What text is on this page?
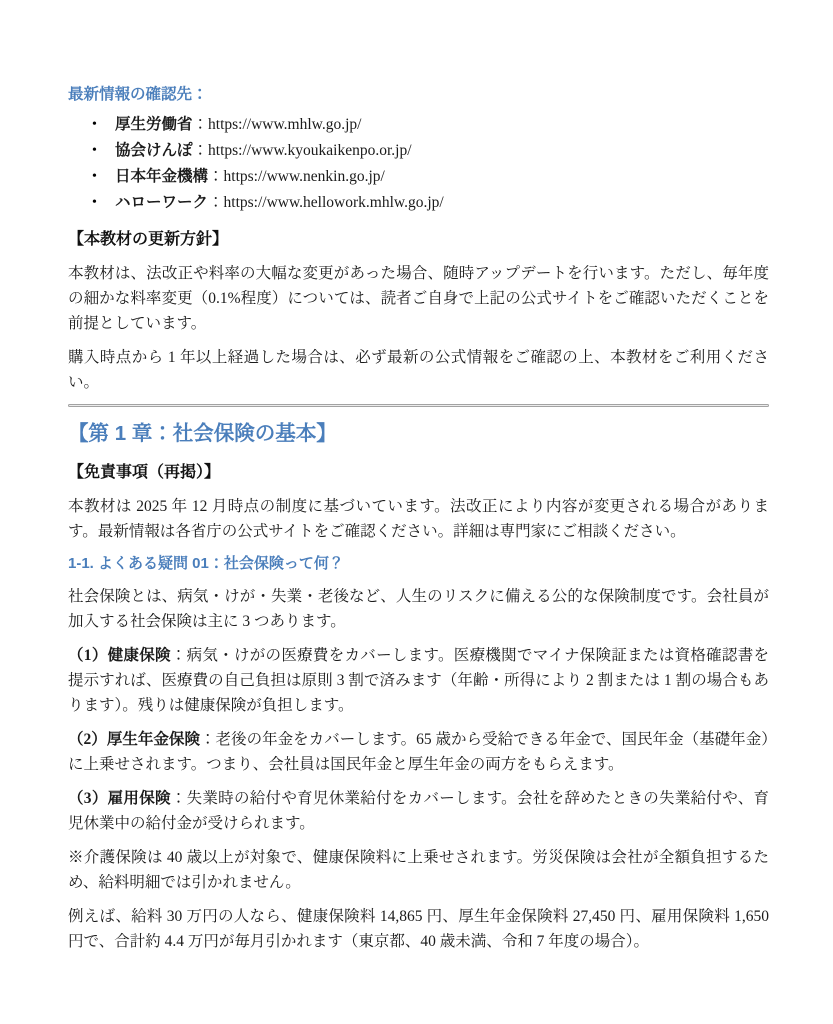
最新情報の確認先：
• 厚生労働省：https://www.mhlw.go.jp/
• 協会けんぽ：https://www.kyoukaikenpo.or.jp/
• 日本年金機構：https://www.nenkin.go.jp/
• ハローワーク：https://www.hellowork.mhlw.go.jp/
【本教材の更新方針】

本教材は、法改正や料率の大幅な変更があった場合、随時アップデートを行います。ただし、毎年度の細かな料率変更（0.1%程度）については、読者ご自身で上記の公式サイトをご確認いただくことを前提としています。

購入時点から 1 年以上経過した場合は、必ず最新の公式情報をご確認の上、本教材をご利用ください。

【第 1 章：社会保険の基本】
【免責事項（再掲）】

本教材は 2025 年 12 月時点の制度に基づいています。法改正により内容が変更される場合があります。最新情報は各省庁の公式サイトをご確認ください。詳細は専門家にご相談ください。

1-1. よくある疑問 01：社会保険って何？

社会保険とは、病気・けが・失業・老後など、人生のリスクに備える公的な保険制度です。会社員が加入する社会保険は主に 3 つあります。

（1）健康保険：病気・けがの医療費をカバーします。医療機関でマイナ保険証または資格確認書を提示すれば、医療費の自己負担は原則 3 割で済みます（年齢・所得により 2 割または 1 割の場合もあります）。残りは健康保険が負担します。

（2）厚生年金保険：老後の年金をカバーします。65 歳から受給できる年金で、国民年金（基礎年金）に上乗せされます。つまり、会社員は国民年金と厚生年金の両方をもらえます。

（3）雇用保険：失業時の給付や育児休業給付をカバーします。会社を辞めたときの失業給付や、育児休業中の給付金が受けられます。

※介護保険は 40 歳以上が対象で、健康保険料に上乗せされます。労災保険は会社が全額負担するため、給料明細では引かれません。

例えば、給料 30 万円の人なら、健康保険料 14,865 円、厚生年金保険料 27,450 円、雇用保険料 1,650 円で、合計約 4.4 万円が毎月引かれます（東京都、40 歳未満、令和 7 年度の場合）。
